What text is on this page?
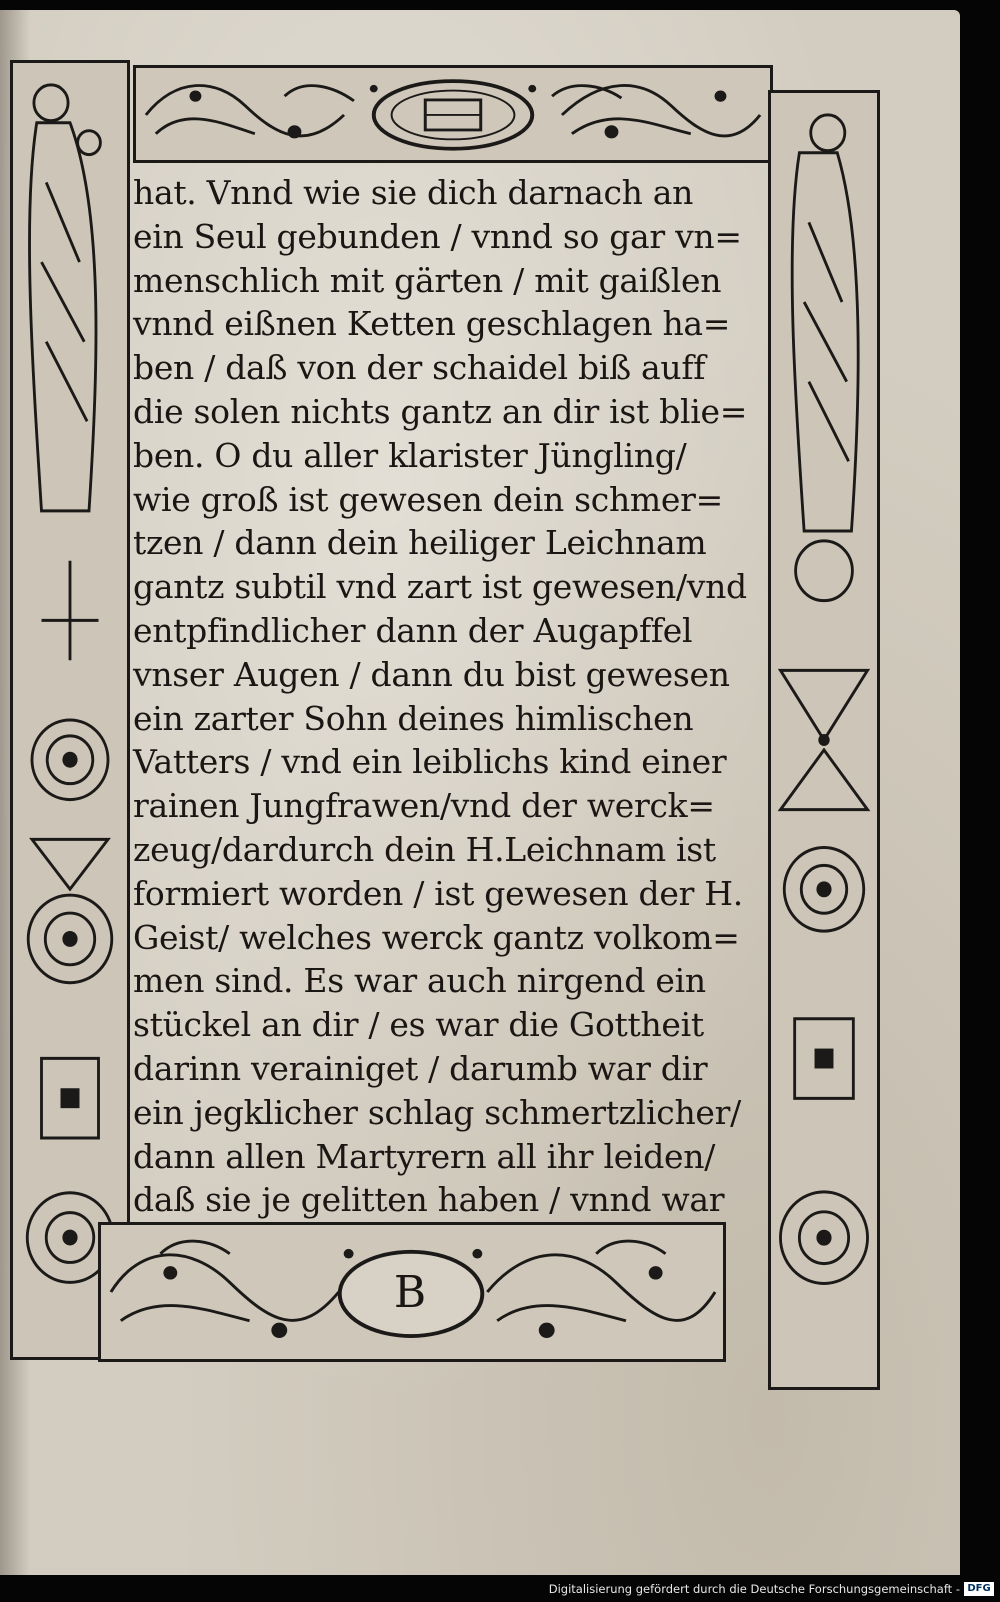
hat. Vnnd wie sie dich darnach an
ein Seul gebunden / vnnd so gar vn=
menschlich mit gärten / mit gaißlen
vnnd eißnen Ketten geschlagen ha=
ben / daß von der schaidel biß auff
die solen nichts gantz an dir ist blie=
ben. O du aller klarister Jüngling/
wie groß ist gewesen dein schmer=
tzen / dann dein heiliger Leichnam
gantz subtil vnd zart ist gewesen/vnd
entpfindlicher dann der Augapffel
vnser Augen / dann du bist gewesen
ein zarter Sohn deines himlischen
Vatters / vnd ein leiblichs kind einer
rainen Jungfrawen/vnd der werck=
zeug/dardurch dein H.Leichnam ist
formiert worden / ist gewesen der H.
Geist/ welches werck gantz volkom=
men sind. Es war auch nirgend ein
stückel an dir / es war die Gottheit
darinn verainiget / darumb war dir
ein jegklicher schlag schmertzlicher/
dann allen Martyrern all ihr leiden/
daß sie je gelitten haben / vnnd war
B
Digitalisierung gefördert durch die Deutsche Forschungsgemeinschaft - DFG
